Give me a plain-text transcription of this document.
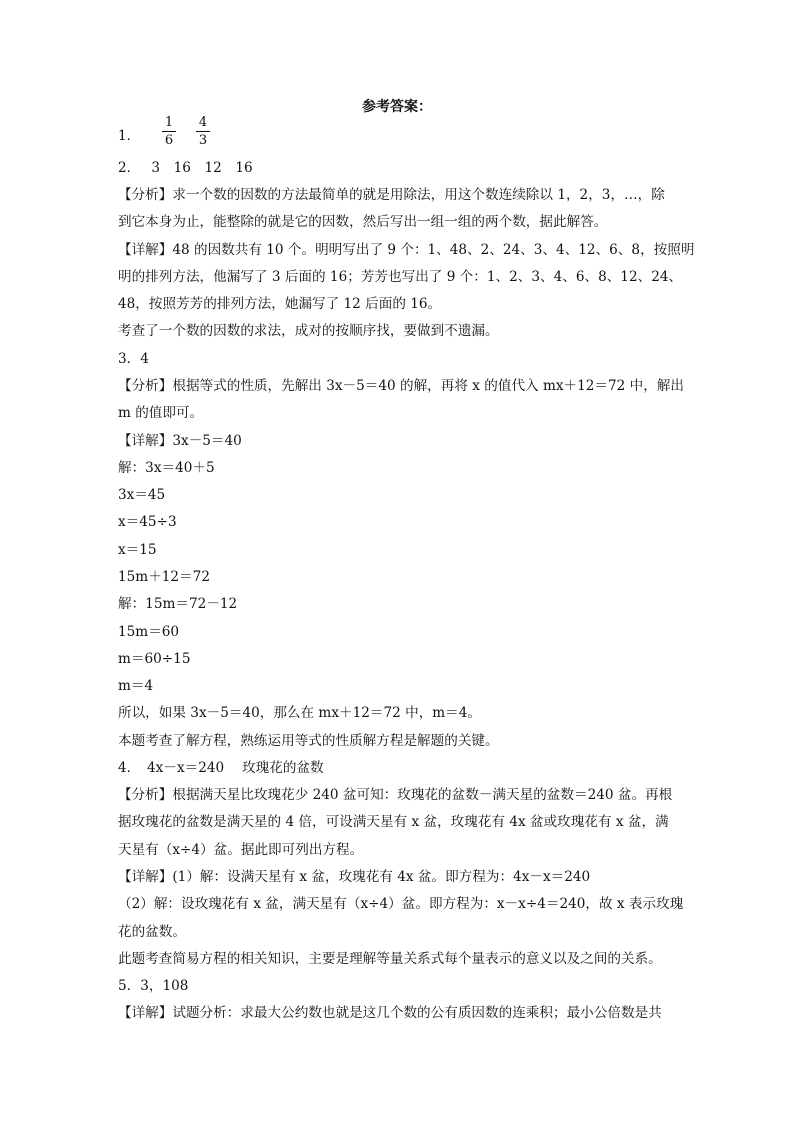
参考答案：
1．
1
6
4
3
2．　 3　16　12　16
【分析】求一个数的因数的方法最简单的就是用除法，用这个数连续除以 1，2，3，…，除
到它本身为止，能整除的就是它的因数，然后写出一组一组的两个数，据此解答。
【详解】48 的因数共有 10 个。明明写出了 9 个：1、48、2、24、3、4、12、6、8，按照明
明的排列方法，他漏写了 3 后面的 16；芳芳也写出了 9 个：1、2、3、4、6、8、12、24、
48，按照芳芳的排列方法，她漏写了 12 后面的 16。
考查了一个数的因数的求法，成对的按顺序找，要做到不遗漏。
3．4
【分析】根据等式的性质，先解出 3x－5＝40 的解，再将 x 的值代入 mx＋12＝72 中，解出
m 的值即可。
【详解】3x－5＝40
解：3x＝40＋5
3x＝45
x＝45÷3
x＝15
15m＋12＝72
解：15m＝72－12
15m＝60
m＝60÷15
m＝4
所以，如果 3x－5＝40，那么在 mx＋12＝72 中，m＝4。
本题考查了解方程，熟练运用等式的性质解方程是解题的关键。
4．　4x－x＝240　 玫瑰花的盆数
【分析】根据满天星比玫瑰花少 240 盆可知：玫瑰花的盆数－满天星的盆数＝240 盆。再根
据玫瑰花的盆数是满天星的 4 倍，可设满天星有 x 盆，玫瑰花有 4x 盆或玫瑰花有 x 盆，满
天星有（x÷4）盆。据此即可列出方程。
【详解】(1）解：设满天星有 x 盆，玫瑰花有 4x 盆。即方程为：4x－x＝240
（2）解：设玫瑰花有 x 盆，满天星有（x÷4）盆。即方程为：x－x÷4＝240，故 x 表示玫瑰
花的盆数。
此题考查简易方程的相关知识，主要是理解等量关系式每个量表示的意义以及之间的关系。
5．3，108
【详解】试题分析：求最大公约数也就是这几个数的公有质因数的连乘积；最小公倍数是共
